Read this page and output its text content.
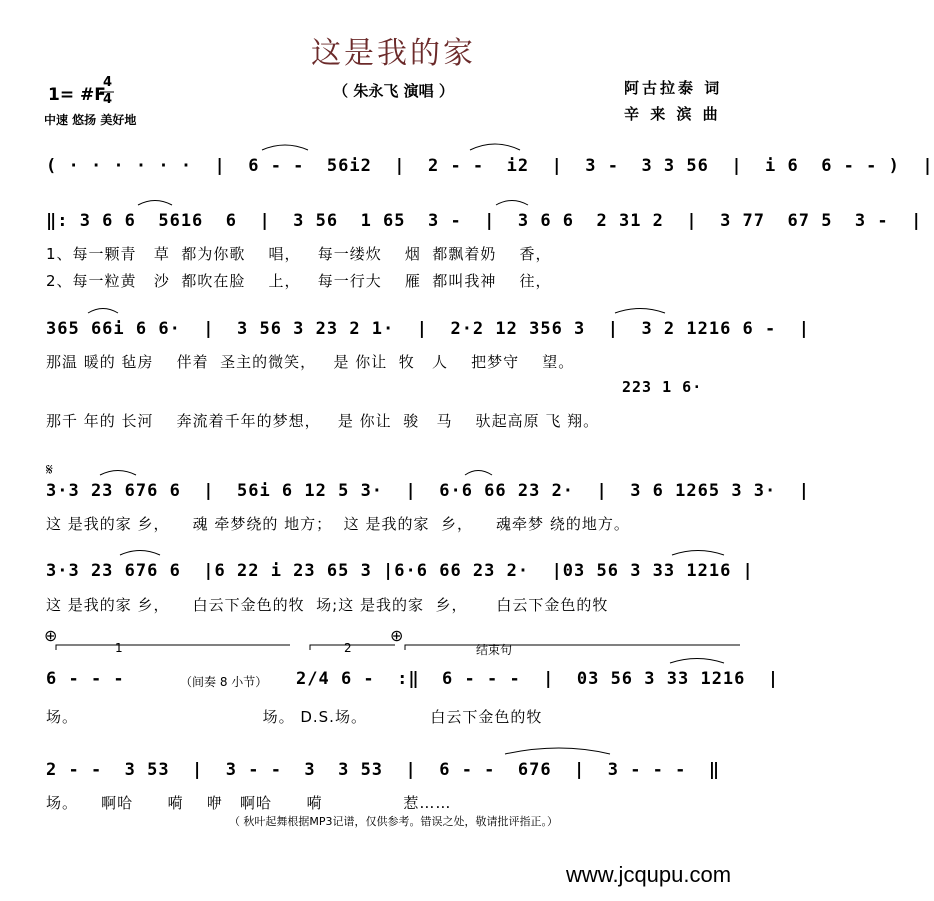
这是我的家
（ 朱永飞 演唱 ）
1= #F
4
4
中速 悠扬 美好地
阿古拉泰 词
辛 来 滨 曲
( · · · · · ·  |  6 - -  56i2  |  2 - -  i2  |  3 -  3 3 56  |  i 6  6 - - )  |
‖: 3 6 6  5616  6  |  3 56  1 65  3 -  |  3 6 6  2 31 2  |  3 77  67 5  3 -  |
1、每一颗青   草  都为你歌    唱，   每一缕炊    烟  都飘着奶    香，
2、每一粒黄   沙  都吹在脸    上，   每一行大    雁  都叫我神    往，
365 66i 6 6·  |  3 56 3 23 2 1·  |  2·2 12 356 3  |  3 2 1216 6 -  |
那温 暖的 毡房    伴着  圣主的微笑，   是 你让  牧   人    把梦守    望。
223 1 6·
那千 年的 长河    奔流着千年的梦想，   是 你让  骏   马    驮起高原 飞 翔。
𝄋
3·3 23 676 6  |  56i 6 12 5 3·  |  6·6 66 23 2·  |  3 6 1265 3 3·  |
这 是我的家 乡，    魂 牵梦绕的 地方；  这 是我的家  乡，    魂牵梦 绕的地方。
3·3 23 676 6  |6 22 i 23 65 3 |6·6 66 23 2·  |03 56 3 33 1216 |
这 是我的家 乡，    白云下金色的牧  场;这 是我的家  乡，     白云下金色的牧
⊕	⊕
1	2	结束句
6 - - -	（间奏 8 小节） 2/4 6 -  :‖  6 - - -  |  03 56 3 33 1216  |
场。                                场。 D.S.场。           白云下金色的牧
2 - -  3 53  |  3 - -  3  3 53  |  6 - -  676  |  3 - - -  ‖
场。    啊哈      嗬    咿   啊哈      嗬              惹……
（ 秋叶起舞根据MP3记谱，仅供参考。错误之处，敬请批评指正。）
www.jcqupu.com
